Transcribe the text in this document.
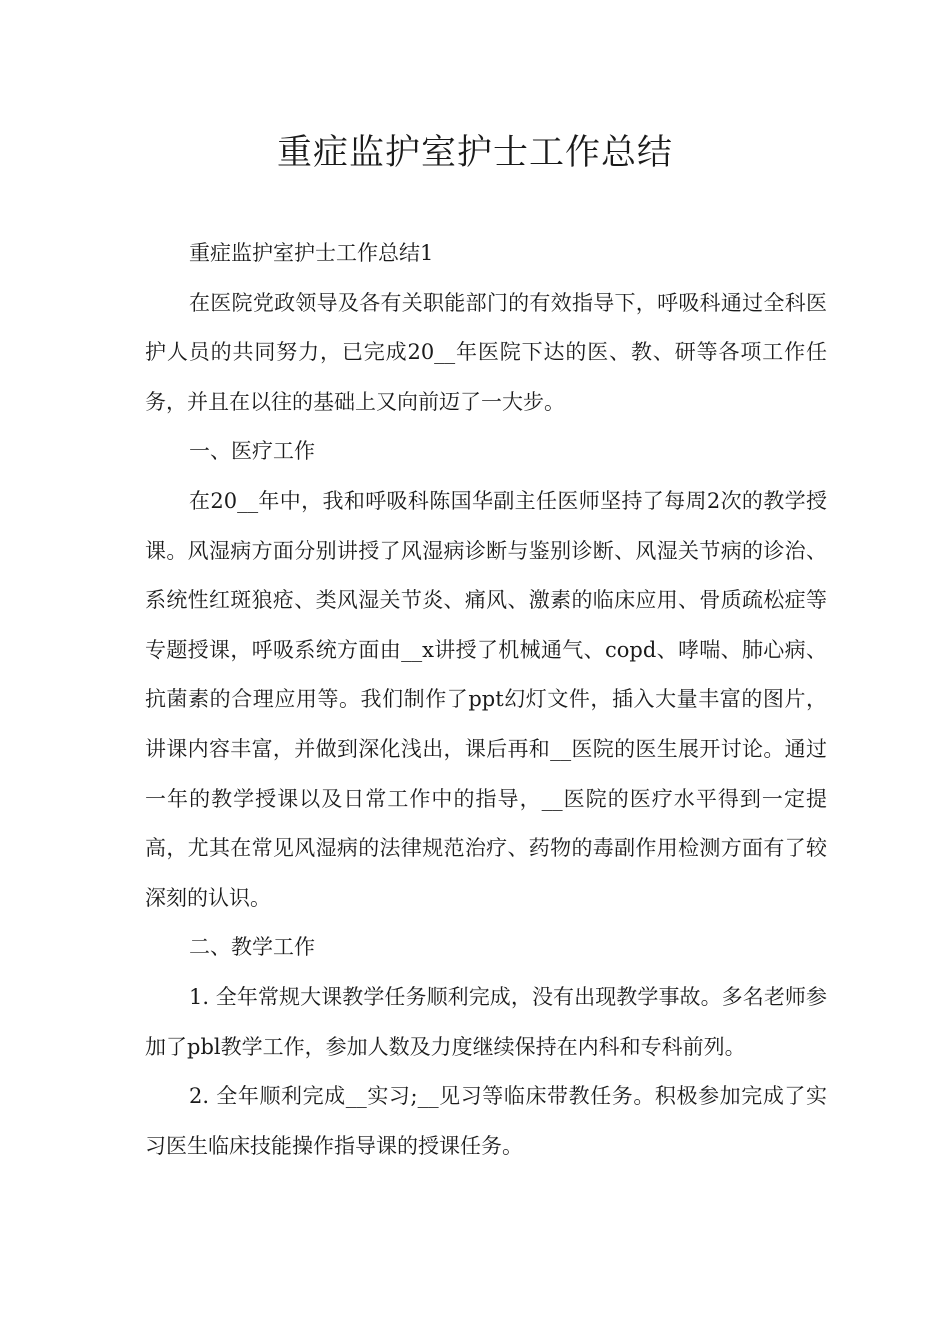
重症监护室护士工作总结

重症监护室护士工作总结1

在医院党政领导及各有关职能部门的有效指导下，呼吸科通过全科医护人员的共同努力，已完成20__年医院下达的医、教、研等各项工作任务，并且在以往的基础上又向前迈了一大步。

一、医疗工作

在20__年中，我和呼吸科陈国华副主任医师坚持了每周2次的教学授课。风湿病方面分别讲授了风湿病诊断与鉴别诊断、风湿关节病的诊治、系统性红斑狼疮、类风湿关节炎、痛风、激素的临床应用、骨质疏松症等专题授课，呼吸系统方面由__x讲授了机械通气、copd、哮喘、肺心病、抗菌素的合理应用等。我们制作了ppt幻灯文件，插入大量丰富的图片，讲课内容丰富，并做到深化浅出，课后再和__医院的医生展开讨论。通过一年的教学授课以及日常工作中的指导，__医院的医疗水平得到一定提高，尤其在常见风湿病的法律规范治疗、药物的毒副作用检测方面有了较深刻的认识。

二、教学工作

1. 全年常规大课教学任务顺利完成，没有出现教学事故。多名老师参加了pbl教学工作，参加人数及力度继续保持在内科和专科前列。

2. 全年顺利完成__实习;__见习等临床带教任务。积极参加完成了实习医生临床技能操作指导课的授课任务。
